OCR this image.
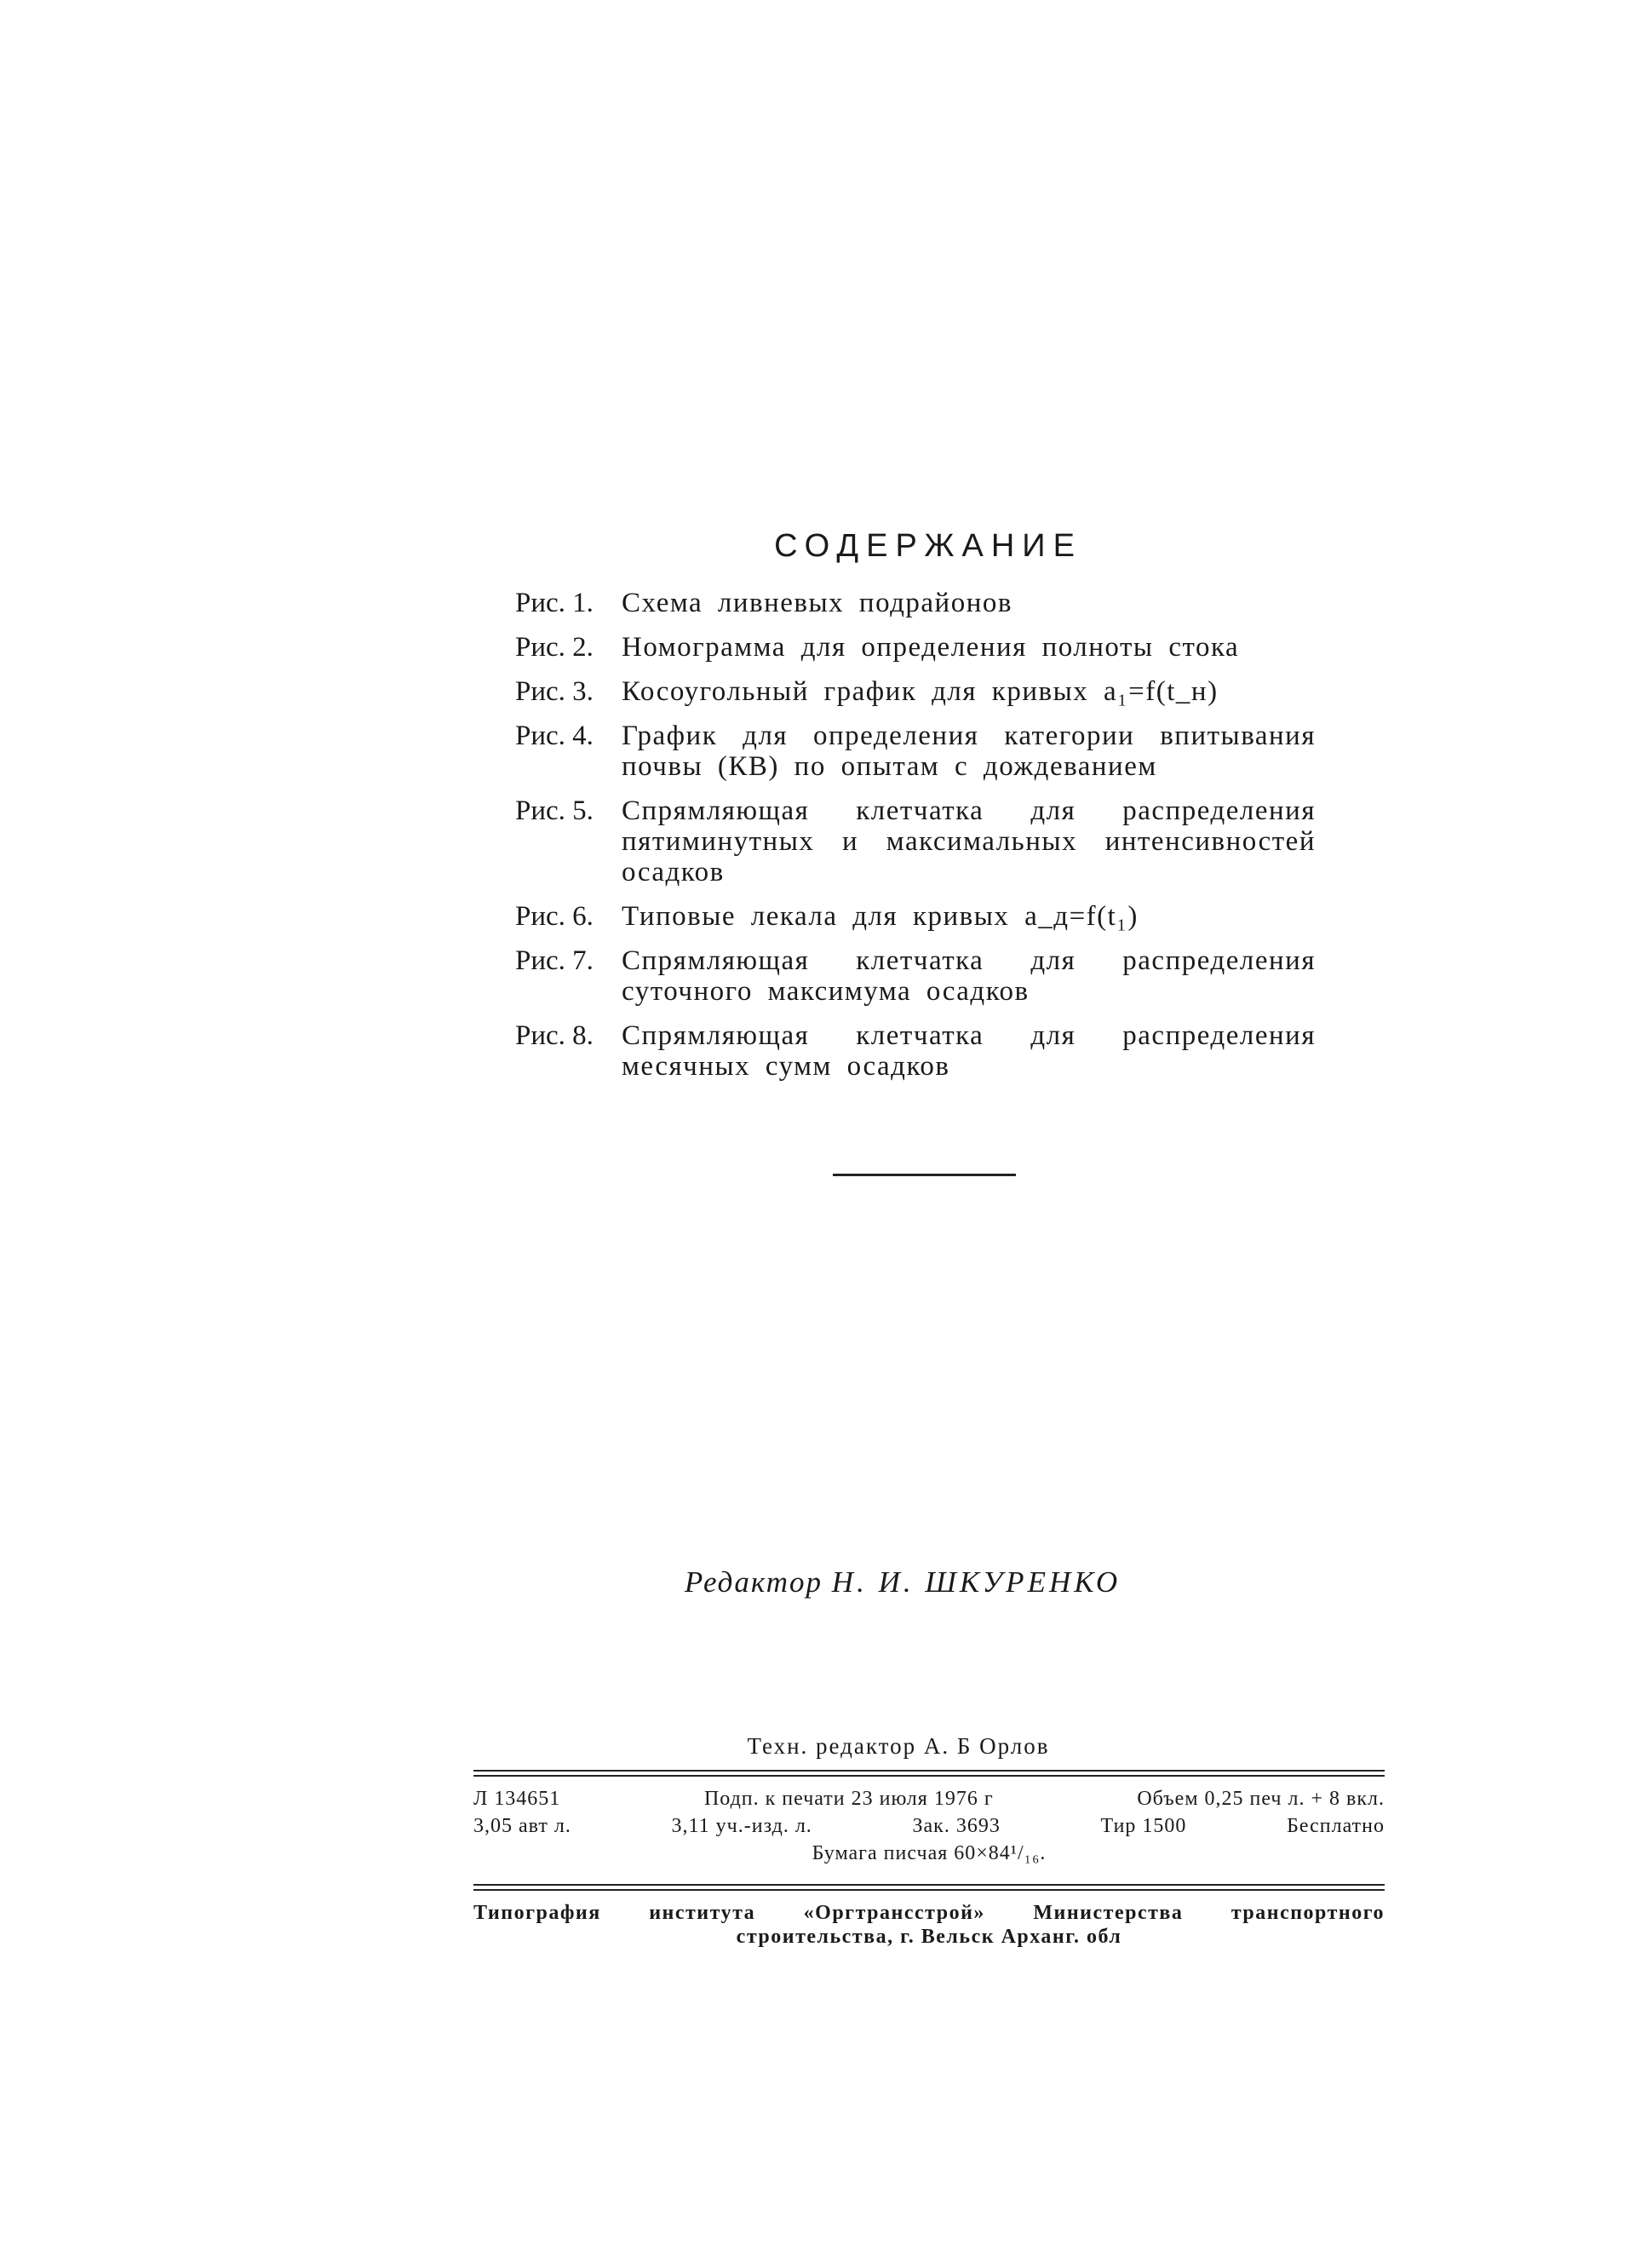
СОДЕРЖАНИЕ
Рис. 1.	Схема ливневых подрайонов
Рис. 2.	Номограмма для определения полноты стока
Рис. 3.	Косоугольный график для кривых a₁=f(t_н)
Рис. 4.	График для определения категории впитывания почвы (КВ) по опытам с дождеванием
Рис. 5.	Спрямляющая клетчатка для распределения пятиминутных и максимальных интенсивностей осадков
Рис. 6.	Типовые лекала для кривых a_д=f(t₁)
Рис. 7.	Спрямляющая клетчатка для распределения суточного максимума осадков
Рис. 8.	Спрямляющая клетчатка для распределения месячных сумм осадков
Редактор Н. И. ШКУРЕНКО
Техн. редактор А. Б Орлов
Л 134651	Подп. к печати 23 июля 1976 г	Объем 0,25 печ л. + 8 вкл.
3,05 авт л.	3,11 уч.-изд. л.	Зак. 3693	Тир 1500	Бесплатно
Бумага писчая 60×84¹/₁₆.
Типография института «Оргтрансстрой» Министерства транспортного
строительства, г. Вельск Арханг. обл
